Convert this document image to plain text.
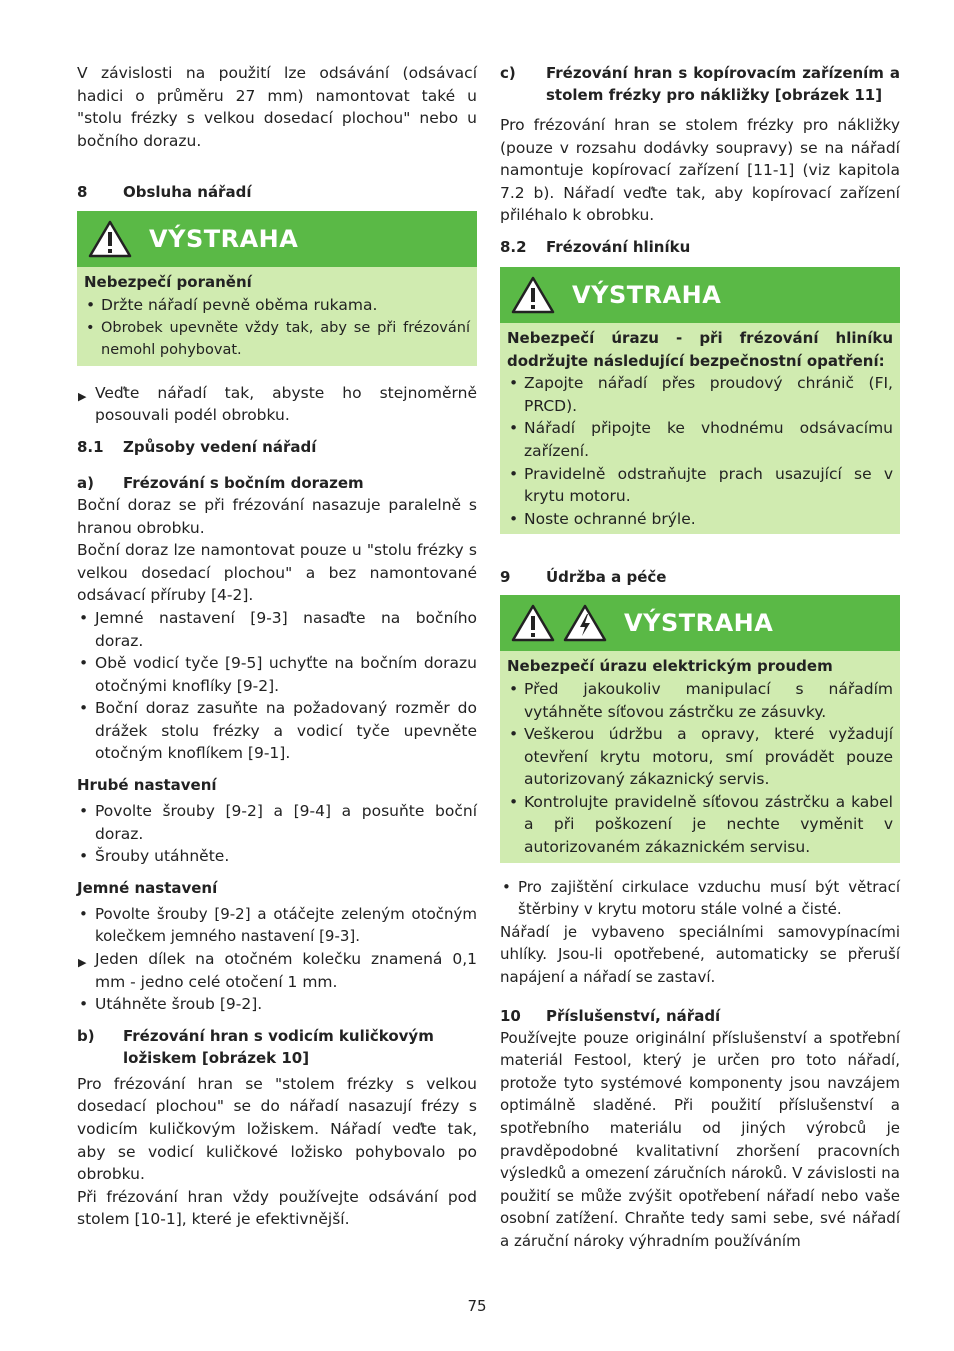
V závislosti na použití lze odsávání (odsávací hadici o průměru 27 mm) namontovat také u "stolu frézky s velkou dosedací plochou" nebo u bočního dorazu.

8	Obsluha nářadí
VÝSTRAHA

Nebezpečí poranění

• Držte nářadí pevně oběma rukama.
• Obrobek upevněte vždy tak, aby se při frézování nemohl pohybovat.
▶ Veďte nářadí tak, abyste ho stejnoměrně posouvali podél obrobku.
8.1	Způsoby vedení nářadí
a)	Frézování s bočním dorazem

Boční doraz se při frézování nasazuje paralelně s hranou obrobku.

Boční doraz lze namontovat pouze u "stolu frézky s velkou dosedací plochou" a bez namontované odsávací příruby [4-2].

• Jemné nastavení [9-3] nasaďte na bočního doraz.
• Obě vodicí tyče [9-5] uchyťte na bočním dorazu otočnými knoflíky [9-2].
• Boční doraz zasuňte na požadovaný rozměr do drážek stolu frézky a vodicí tyče upevněte otočným knoflíkem [9-1].

Hrubé nastavení

• Povolte šrouby [9-2] a [9-4] a posuňte boční doraz.
• Šrouby utáhněte.

Jemné nastavení

• Povolte šrouby [9-2] a otáčejte zeleným otočným kolečkem jemného nastavení [9-3].
▶ Jeden dílek na otočném kolečku znamená 0,1 mm - jedno celé otočení 1 mm.
• Utáhněte šroub [9-2].
b)	Frézování hran s vodicím kuličkovým ložiskem [obrázek 10]

Pro frézování hran se "stolem frézky s velkou dosedací plochou" se do nářadí nasazují frézy s vodicím kuličkovým ložiskem. Nářadí veďte tak, aby se vodicí kuličkové ložisko pohybovalo po obrobku.

Při frézování hran vždy používejte odsávání pod stolem [10-1], které je efektivnější.

c)	Frézování hran s kopírovacím zařízením a stolem frézky pro nákližky [obrázek 11]

Pro frézování hran se stolem frézky pro nákližky (pouze v rozsahu dodávky soupravy) se na nářadí namontuje kopírovací zařízení [11-1] (viz kapitola 7.2 b). Nářadí veďte tak, aby kopírovací zařízení přiléhalo k obrobku.

8.2	Frézování hliníku
VÝSTRAHA

Nebezpečí úrazu - při frézování hliníku dodržujte následující bezpečnostní opatření:

• Zapojte nářadí přes proudový chránič (FI, PRCD).
• Nářadí připojte ke vhodnému odsávacímu zařízení.
• Pravidelně odstraňujte prach usazující se v krytu motoru.
• Noste ochranné brýle.
9	Údržba a péče
VÝSTRAHA

Nebezpečí úrazu elektrickým proudem

• Před jakoukoliv manipulací s nářadím vytáhněte síťovou zástrčku ze zásuvky.
• Veškerou údržbu a opravy, které vyžadují otevření krytu motoru, smí provádět pouze autorizovaný zákaznický servis.
• Kontrolujte pravidelně síťovou zástrčku a kabel a při poškození je nechte vyměnit v autorizovaném zákaznickém servisu.
• Pro zajištění cirkulace vzduchu musí být větrací štěrbiny v krytu motoru stále volné a čisté.

Nářadí je vybaveno speciálními samovypínacími uhlíky. Jsou-li opotřebené, automaticky se přeruší napájení a nářadí se zastaví.

10	Příslušenství, nářadí

Používejte pouze originální příslušenství a spotřební materiál Festool, který je určen pro toto nářadí, protože tyto systémové komponenty jsou navzájem optimálně sladěné. Při použití příslušenství a spotřebního materiálu od jiných výrobců je pravděpodobné kvalitativní zhoršení pracovních výsledků a omezení záručních nároků. V závislosti na použití se může zvýšit opotřebení nářadí nebo vaše osobní zatížení. Chraňte tedy sami sebe, své nářadí a záruční nároky výhradním používáním

75
